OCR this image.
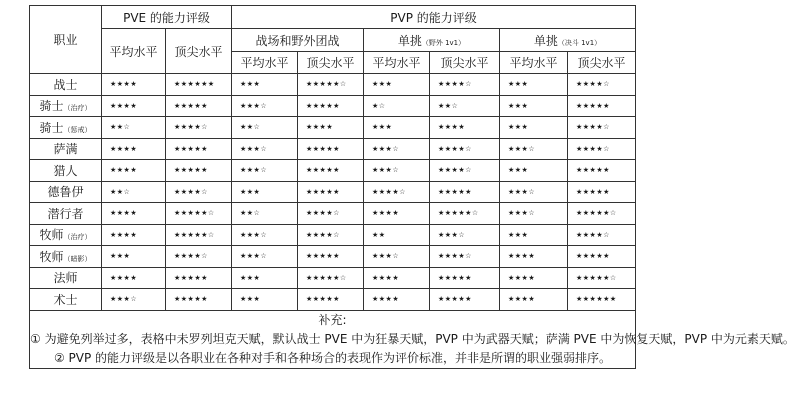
职业	PVE 的能力评级		PVP 的能力评级					
	平均水平	顶尖水平	战场和野外团战		单挑（野外 1v1）		单挑（决斗 1v1）	
			平均水平	顶尖水平	平均水平	顶尖水平	平均水平	顶尖水平
战士	★★★★	★★★★★★	★★★	★★★★★☆	★★★	★★★★☆	★★★	★★★★☆
骑士（治疗）	★★★★	★★★★★	★★★☆	★★★★★	★☆	★★☆	★★★	★★★★★
骑士（惩戒）	★★☆	★★★★☆	★★☆	★★★★	★★★	★★★★	★★★	★★★★☆
萨满	★★★★	★★★★★	★★★☆	★★★★★	★★★☆	★★★★☆	★★★☆	★★★★☆
猎人	★★★★	★★★★★	★★★☆	★★★★★	★★★☆	★★★★☆	★★★	★★★★★
德鲁伊	★★☆	★★★★☆	★★★	★★★★★	★★★★☆	★★★★★	★★★☆	★★★★★
潜行者	★★★★	★★★★★☆	★★☆	★★★★☆	★★★★	★★★★★☆	★★★☆	★★★★★☆
牧师（治疗）	★★★★	★★★★★☆	★★★☆	★★★★☆	★★	★★★☆	★★★	★★★★☆
牧师（暗影）	★★★	★★★★☆	★★★☆	★★★★★	★★★☆	★★★★☆	★★★★	★★★★★
法师	★★★★	★★★★★	★★★	★★★★★☆	★★★★	★★★★★	★★★★	★★★★★☆
术士	★★★☆	★★★★★	★★★	★★★★★	★★★★	★★★★★	★★★★	★★★★★★

补充:

① 为避免列举过多，表格中未罗列坦克天赋，默认战士 PVE 中为狂暴天赋，PVP 中为武器天赋；萨满 PVE 中为恢复天赋，PVP 中为元素天赋。

② PVP 的能力评级是以各职业在各种对手和各种场合的表现作为评价标准，并非是所谓的职业强弱排序。								
